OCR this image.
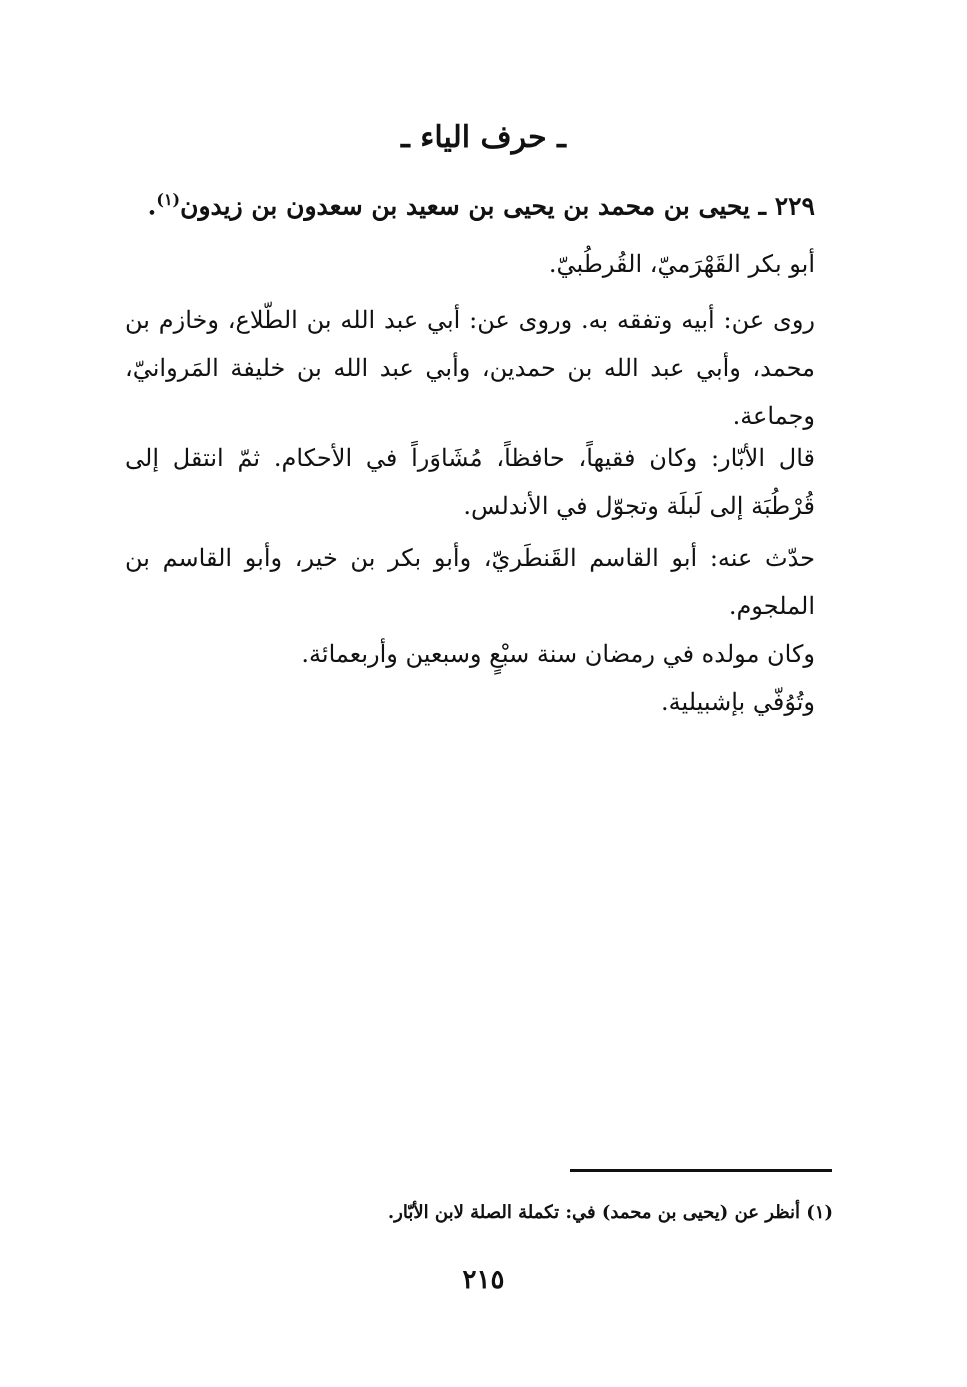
ـ حرف الياء ـ
٢٢٩ ـ يحيى بن محمد بن يحيى بن سعيد بن سعدون بن زيدون$^{(١)}$.
أبو بكر القَهْرَميّ، القُرطُبيّ.
روى عن: أبيه وتفقه به. وروى عن: أبي عبد الله بن الطّلاع، وخازم بن محمد، وأبي عبد الله بن حمدين، وأبي عبد الله بن خليفة المَروانيّ، وجماعة.
قال الأبّار: وكان فقيهاً، حافظاً، مُشَاوَراً في الأحكام. ثمّ انتقل إلى قُرْطُبَة إلى لَبلَة وتجوّل في الأندلس.
حدّث عنه: أبو القاسم القَنطَريّ، وأبو بكر بن خير، وأبو القاسم بن الملجوم.
وكان مولده في رمضان سنة سبْعٍ وسبعين وأربعمائة.
وتُوُفّي بإشبيلية.
(١) أنظر عن (يحيى بن محمد) في: تكملة الصلة لابن الأبّار.
٢١٥
